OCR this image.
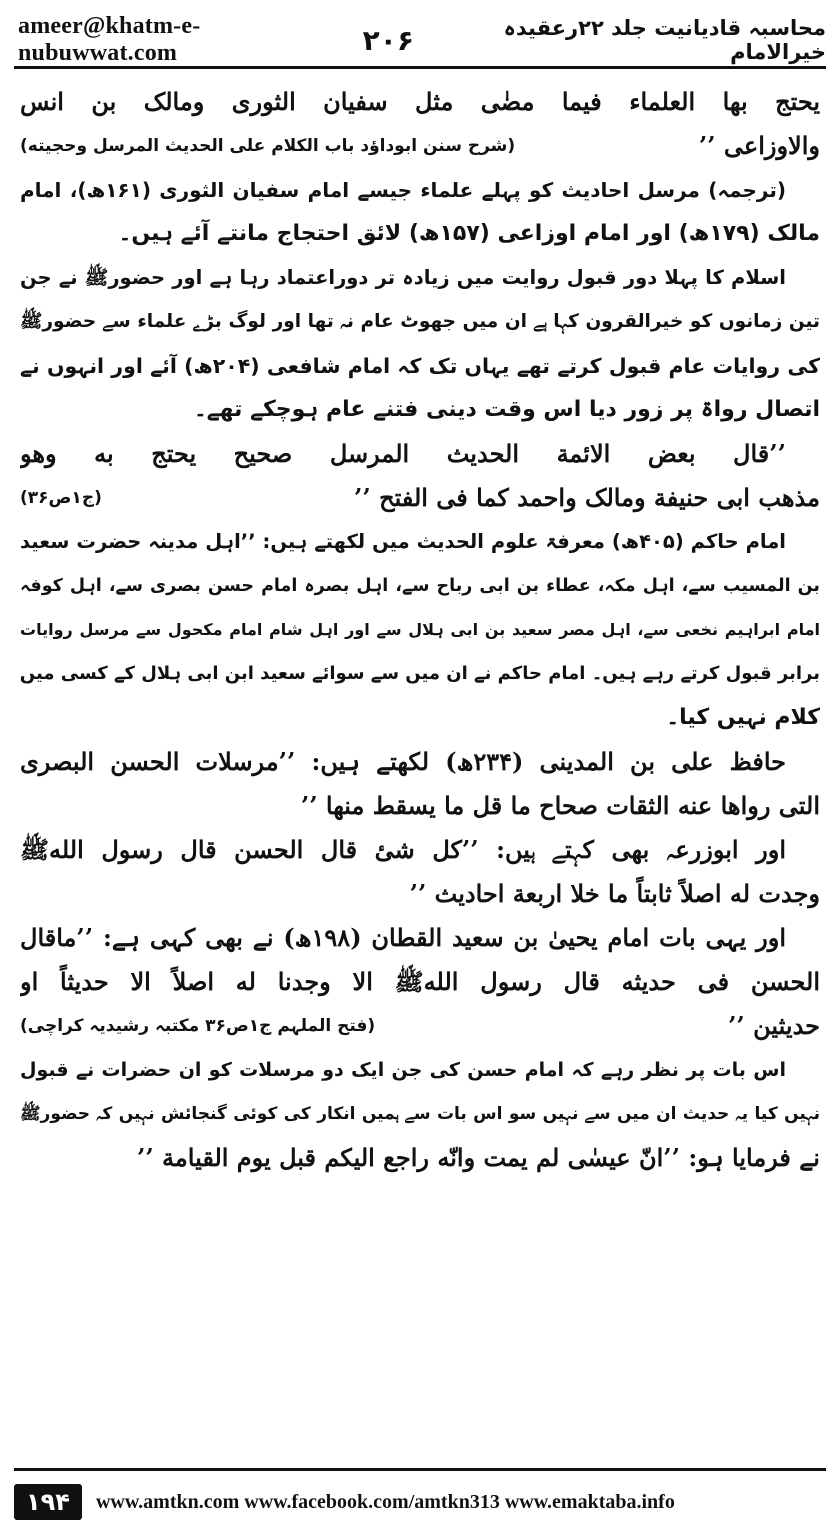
ameer@khatm-e-nubuwwat.com	۲۰۶	محاسبہ قادیانیت جلد ۲۲رعقیدہ خیرالامام
یحتج بھا العلماء فیما مضٰی مثل سفیان الثوری ومالک بن انس
والاوزاعی ’’
(شرح سنن ابوداؤد باب الکلام علی الحدیث المرسل وحجیته)
(ترجمہ) مرسل احادیث کو پہلے علماء جیسے امام سفیان الثوری (۱۶۱ھ)، امام
مالک (۱۷۹ھ) اور امام اوزاعی (۱۵۷ھ) لائق احتجاج مانتے آئے ہیں۔
اسلام کا پہلا دور قبول روایت میں زیادہ تر دوراعتماد رہا ہے اور حضورﷺ نے جن
تین زمانوں کو خیرالقرون کہا ہے ان میں جھوٹ عام نہ تھا اور لوگ بڑے علماء سے حضورﷺ
کی روایات عام قبول کرتے تھے یہاں تک کہ امام شافعی (۲۰۴ھ) آئے اور انہوں نے
اتصال رواۃ پر زور دیا اس وقت دینی فتنے عام ہوچکے تھے۔
’’قال بعض الائمة الحدیث المرسل صحیح یحتج به وھو
مذھب ابی حنیفة ومالک واحمد کما فی الفتح ’’
(ج۱ص۳۶)
امام حاکم (۴۰۵ھ) معرفۃ علوم الحدیث میں لکھتے ہیں: ’’اہل مدینہ حضرت سعید
بن المسیب سے، اہل مکہ، عطاء بن ابی رباح سے، اہل بصرہ امام حسن بصری سے، اہل کوفہ
امام ابراہیم نخعی سے، اہل مصر سعید بن ابی ہلال سے اور اہل شام امام مکحول سے مرسل روایات
برابر قبول کرتے رہے ہیں۔ امام حاکم نے ان میں سے سوائے سعید ابن ابی ہلال کے کسی میں
کلام نہیں کیا۔
حافظ علی بن المدینی (۲۳۴ھ) لکھتے ہیں: ’’مرسلات الحسن البصری
التی رواھا عنه الثقات صحاح ما قل ما یسقط منھا ’’
اور ابوزرعہ بھی کہتے ہیں: ’’کل شیٔ قال الحسن قال رسول اللهﷺ
وجدت له اصلاً ثابتاً ما خلا اربعة احادیث ’’
اور یہی بات امام یحییٰ بن سعید القطان (۱۹۸ھ) نے بھی کہی ہے: ’’ماقال
الحسن فی حدیثه قال رسول اللهﷺ الا وجدنا له اصلاً الا حدیثاً او
حدیثین ’’
(فتح الملہم ج۱ص۳۶ مکتبہ رشیدیہ کراچی)
اس بات پر نظر رہے کہ امام حسن کی جن ایک دو مرسلات کو ان حضرات نے قبول
نہیں کیا یہ حدیث ان میں سے نہیں سو اس بات سے ہمیں انکار کی کوئی گنجائش نہیں کہ حضورﷺ
نے فرمایا ہو: ’’انّ عیسٰی لم یمت وانّه راجع الیکم قبل یوم القیامة ’’
۱۹۴	www.amtkn.com www.facebook.com/amtkn313 www.emaktaba.info
